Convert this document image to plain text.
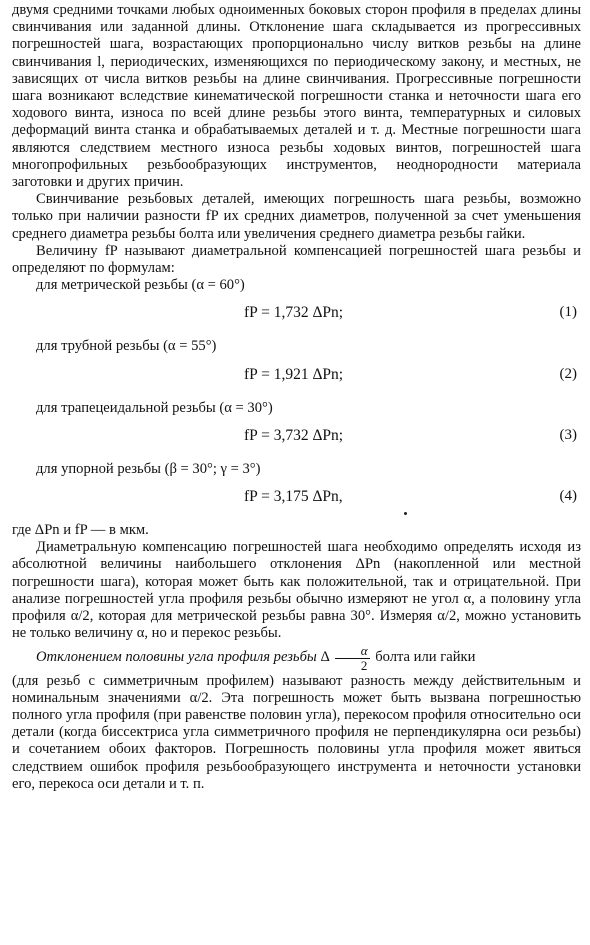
двумя средними точками любых одноименных боковых сторон профиля в пределах длины свинчивания или заданной длины. Отклонение шага складывается из прогрессивных погрешностей шага, возрастающих пропорционально числу витков резьбы на длине свинчивания l, периодических, изменяющихся по периодическому закону, и местных, не зависящих от числа витков резьбы на длине свинчивания. Прогрессивные погрешности шага возникают вследствие кинематической погрешности станка и неточности шага его ходового винта, износа по всей длине резьбы этого винта, температурных и силовых деформаций винта станка и обрабатываемых деталей и т. д. Местные погрешности шага являются следствием местного износа резьбы ходовых винтов, погрешностей шага многопрофильных резьбообразующих инструментов, неоднородности материала заготовки и других причин.

Свинчивание резьбовых деталей, имеющих погрешность шага резьбы, возможно только при наличии разности fP их средних диаметров, полученной за счет уменьшения среднего диаметра резьбы болта или увеличения среднего диаметра резьбы гайки.

Величину fP называют диаметральной компенсацией погрешностей шага резьбы и определяют по формулам:

для метрической резьбы (α = 60°)

fP = 1,732 ΔPn;	(1)

для трубной резьбы (α = 55°)

fP = 1,921 ΔPn;	(2)

для трапецеидальной резьбы (α = 30°)

fP = 3,732 ΔPn;	(3)

для упорной резьбы (β = 30°; γ = 3°)

fP = 3,175 ΔPn,	(4)

где ΔPn и fP — в мкм.

Диаметральную компенсацию погрешностей шага необходимо определять исходя из абсолютной величины наибольшего отклонения ΔPn (накопленной или местной погрешности шага), которая может быть как положительной, так и отрицательной. При анализе погрешностей угла профиля резьбы обычно измеряют не угол α, а половину угла профиля α/2, которая для метрической резьбы равна 30°. Измеряя α/2, можно установить не только величину α, но и перекос резьбы.

Отклонением половины угла профиля резьбы Δ $\frac{\alpha}{2}$ болта или гайки

(для резьб с симметричным профилем) называют разность между действительным и номинальным значениями α/2. Эта погрешность может быть вызвана погрешностью полного угла профиля (при равенстве половин угла), перекосом профиля относительно оси детали (когда биссектриса угла симметричного профиля не перпендикулярна оси резьбы) и сочетанием обоих факторов. Погрешность половины угла профиля может явиться следствием ошибок профиля резьбообразующего инструмента и неточности установки его, перекоса оси детали и т. п.
